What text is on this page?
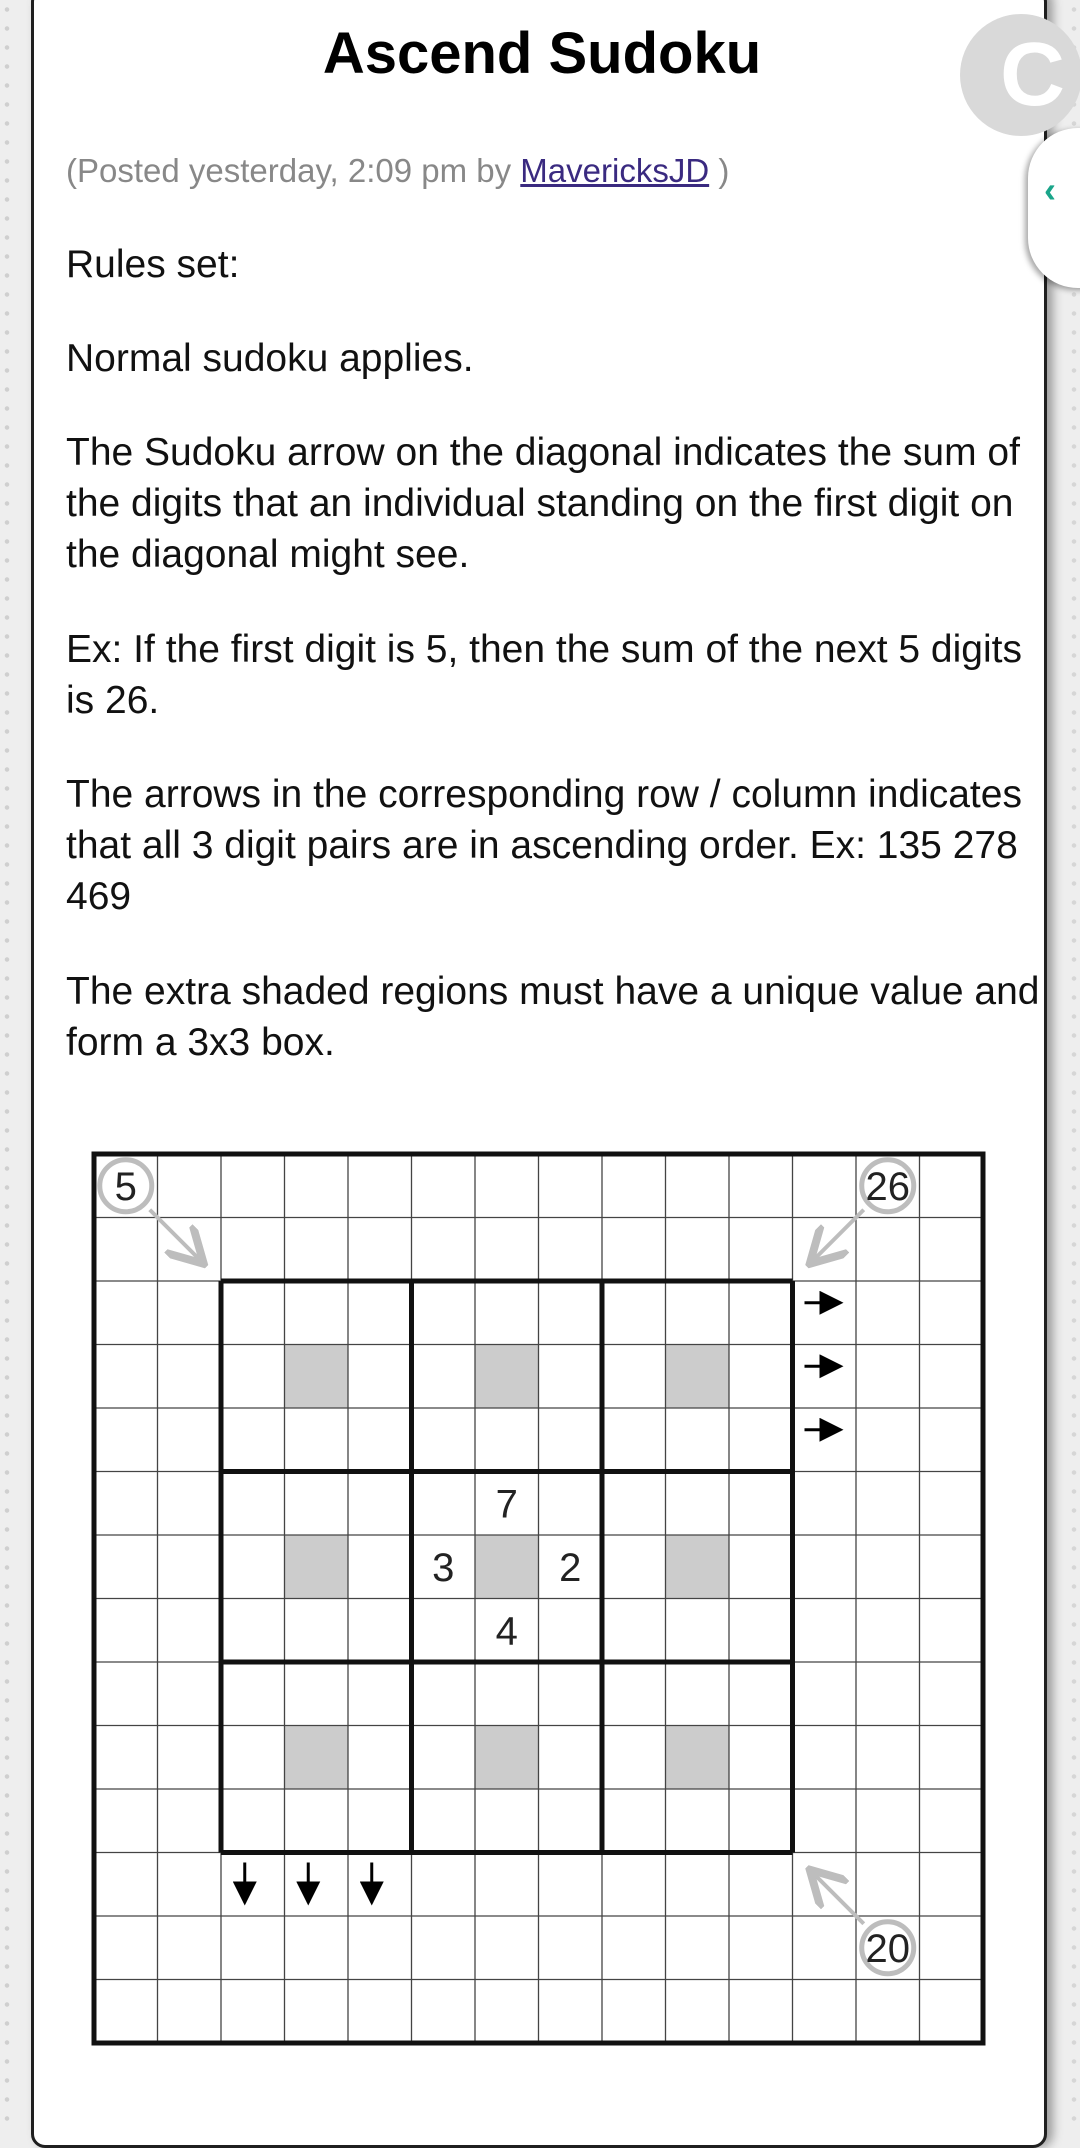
Ascend Sudoku
(Posted yesterday, 2:09 pm by MavericksJD )

Rules set:

Normal sudoku applies.

The Sudoku arrow on the diagonal indicates the sum of the digits that an individual standing on the first digit on the diagonal might see.

Ex: If the first digit is 5, then the sum of the next 5 digits is 26.

The arrows in the corresponding row / column indicates that all 3 digit pairs are in ascending order. Ex: 135 278 469

The extra shaded regions must have a unique value and form a 3x3 box.

C
‹
7
3	2
4
5	26
20
